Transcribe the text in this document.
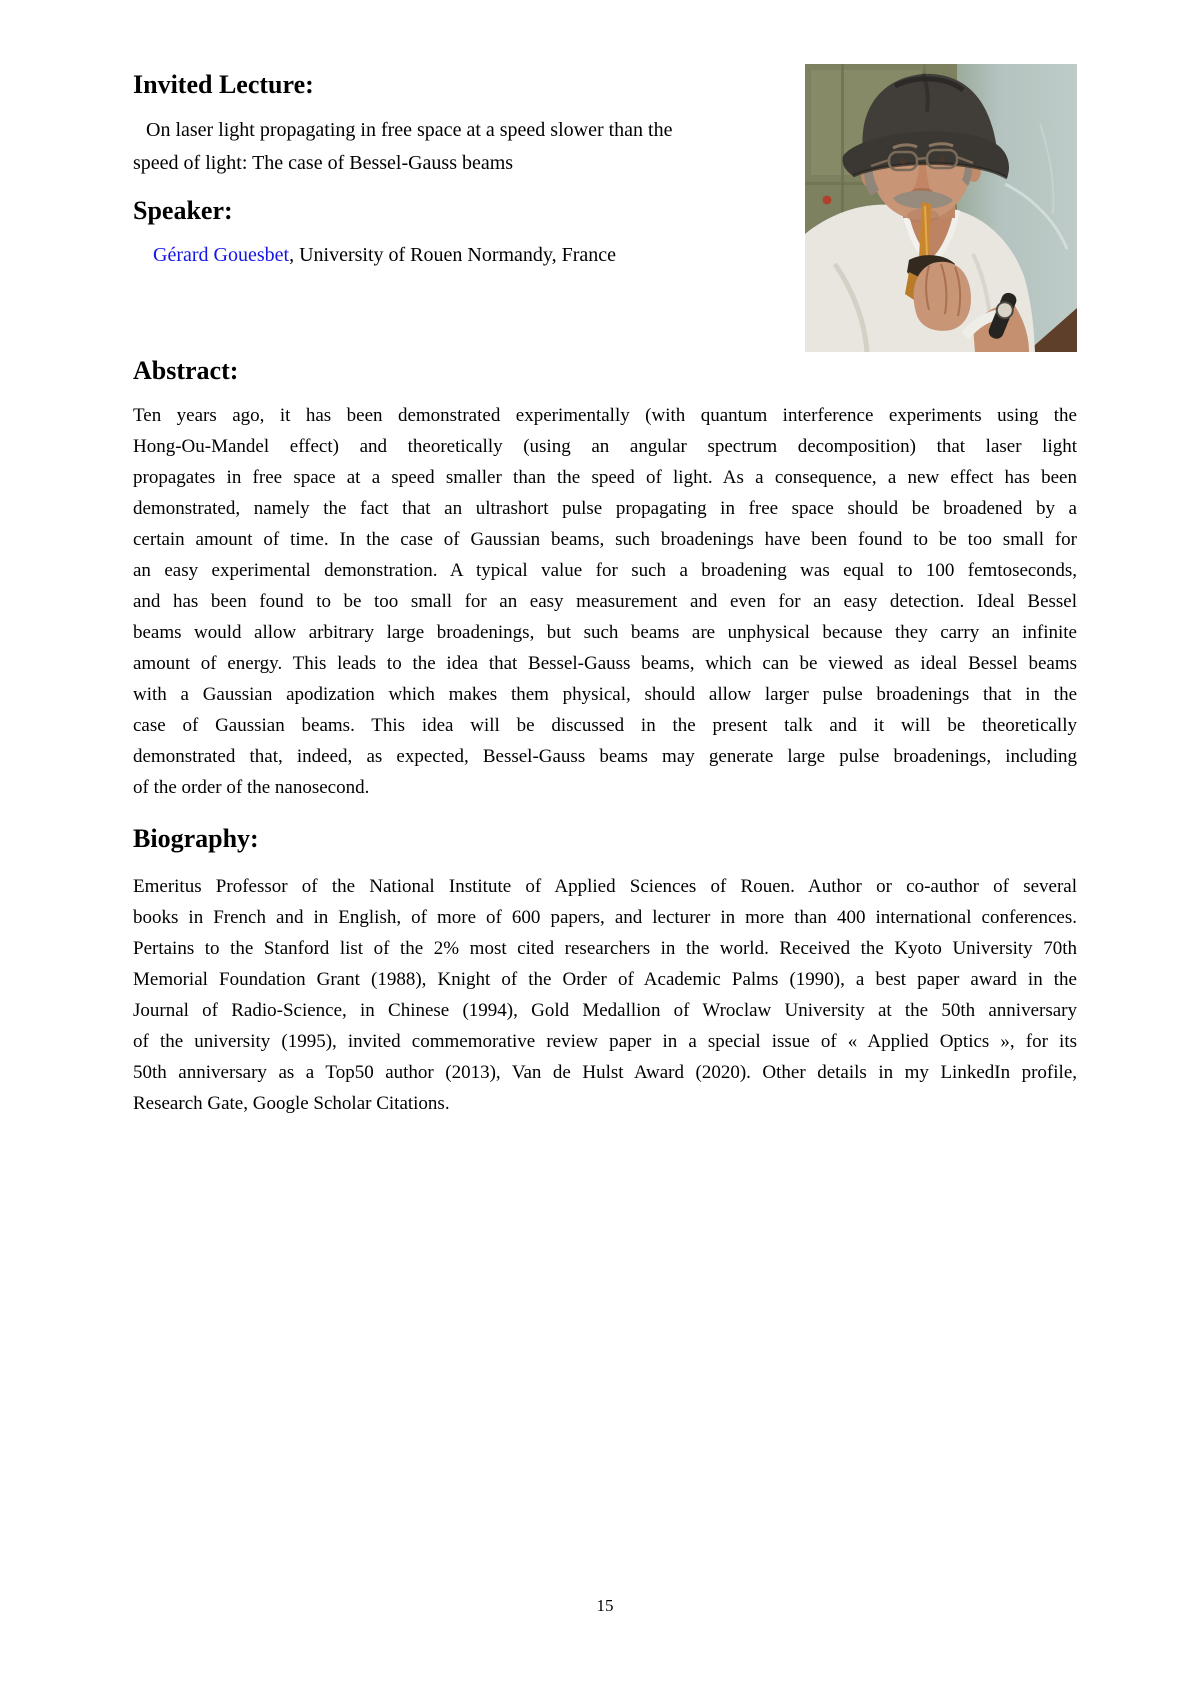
Invited Lecture:
On laser light propagating in free space at a speed slower than the
speed of light: The case of Bessel-Gauss beams
Speaker:
Gérard Gouesbet, University of Rouen Normandy, France
Abstract:
Ten years ago, it has been demonstrated experimentally (with quantum interference experiments using the
Hong-Ou-Mandel effect) and theoretically (using an angular spectrum decomposition) that laser light
propagates in free space at a speed smaller than the speed of light. As a consequence, a new effect has been
demonstrated, namely the fact that an ultrashort pulse propagating in free space should be broadened by a
certain amount of time. In the case of Gaussian beams, such broadenings have been found to be too small for
an easy experimental demonstration. A typical value for such a broadening was equal to 100 femtoseconds,
and has been found to be too small for an easy measurement and even for an easy detection. Ideal Bessel
beams would allow arbitrary large broadenings, but such beams are unphysical because they carry an infinite
amount of energy. This leads to the idea that Bessel-Gauss beams, which can be viewed as ideal Bessel beams
with a Gaussian apodization which makes them physical, should allow larger pulse broadenings that in the
case of Gaussian beams. This idea will be discussed in the present talk and it will be theoretically
demonstrated that, indeed, as expected, Bessel-Gauss beams may generate large pulse broadenings, including
of the order of the nanosecond.
Biography:
Emeritus Professor of the National Institute of Applied Sciences of Rouen. Author or co-author of several
books in French and in English, of more of 600 papers, and lecturer in more than 400 international conferences.
Pertains to the Stanford list of the 2% most cited researchers in the world. Received the Kyoto University 70th
Memorial Foundation Grant (1988), Knight of the Order of Academic Palms (1990), a best paper award in the
Journal of Radio-Science, in Chinese (1994), Gold Medallion of Wroclaw University at the 50th anniversary
of the university (1995), invited commemorative review paper in a special issue of « Applied Optics », for its
50th anniversary as a Top50 author (2013), Van de Hulst Award (2020). Other details in my LinkedIn profile,
Research Gate, Google Scholar Citations.
15
